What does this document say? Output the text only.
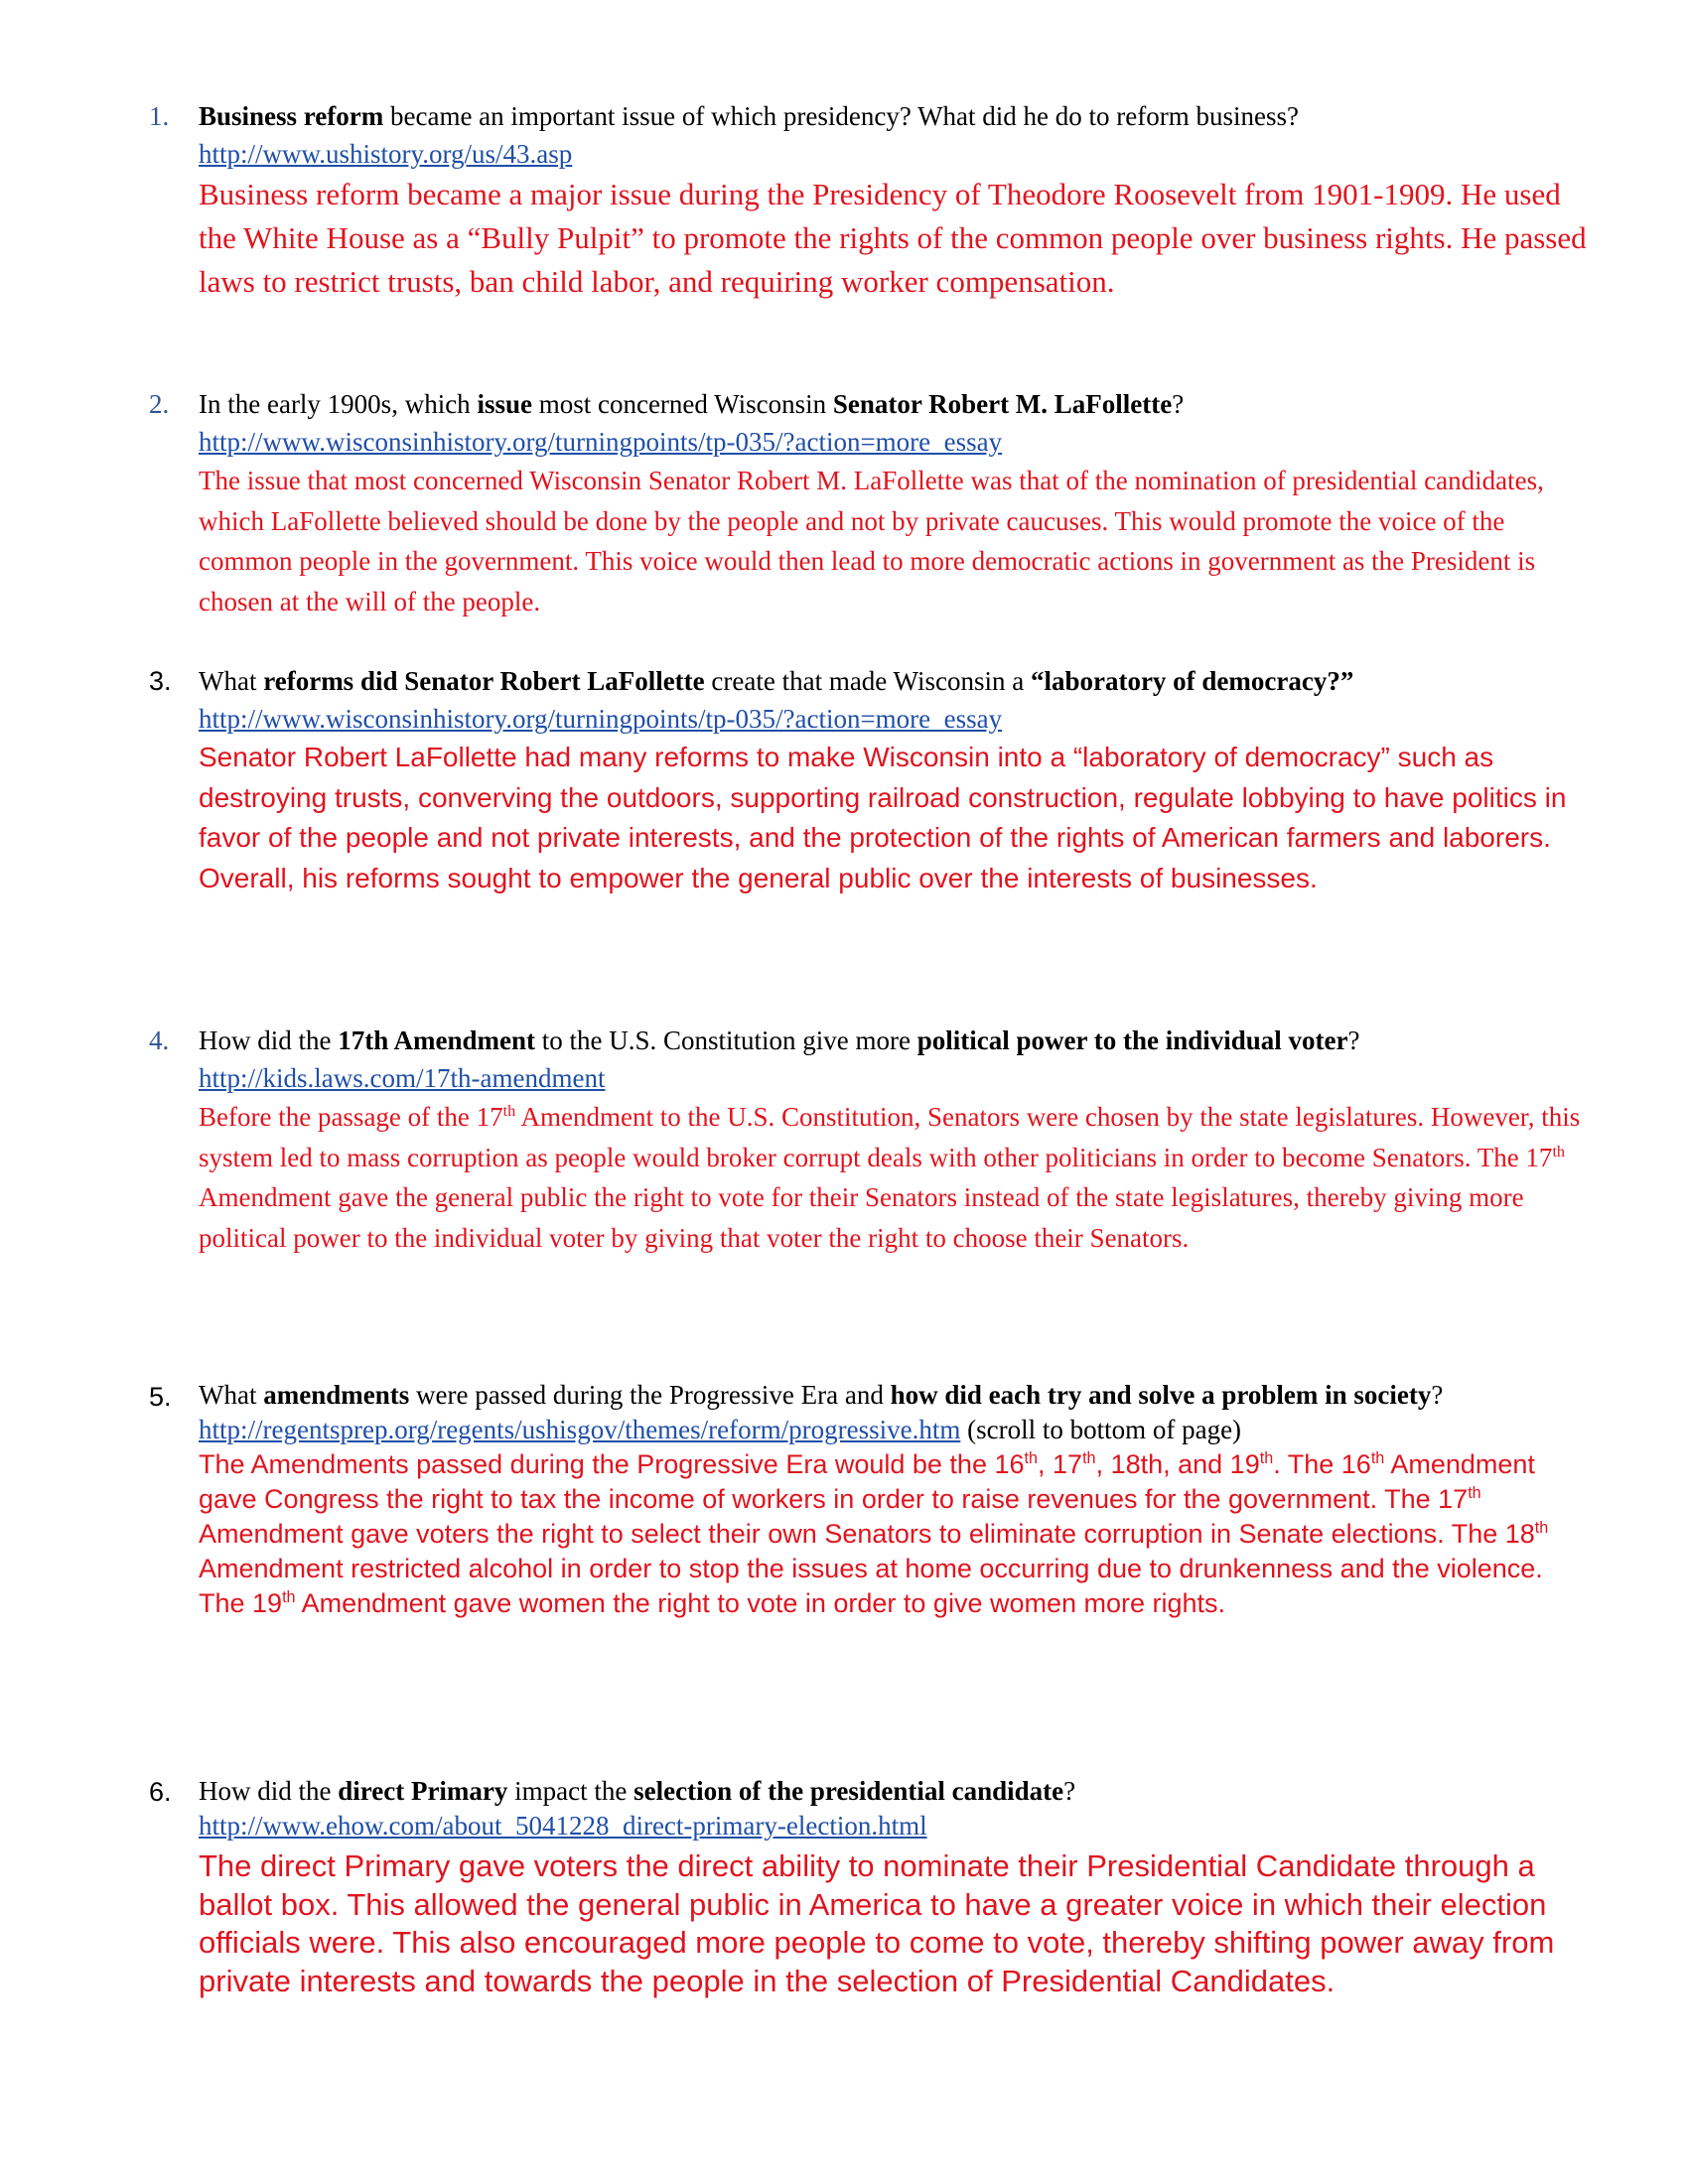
1.	Business reform became an important issue of which presidency? What did he do to reform business?
http://www.ushistory.org/us/43.asp
Business reform became a major issue during the Presidency of Theodore Roosevelt from 1901-1909. He used the White House as a “Bully Pulpit” to promote the rights of the common people over business rights. He passed laws to restrict trusts, ban child labor, and requiring worker compensation.
2.	In the early 1900s, which issue most concerned Wisconsin Senator Robert M. LaFollette?
http://www.wisconsinhistory.org/turningpoints/tp-035/?action=more_essay
The issue that most concerned Wisconsin Senator Robert M. LaFollette was that of the nomination of presidential candidates, which LaFollette believed should be done by the people and not by private caucuses. This would promote the voice of the common people in the government. This voice would then lead to more democratic actions in government as the President is chosen at the will of the people.
3.	What reforms did Senator Robert LaFollette create that made Wisconsin a “laboratory of democracy?”
http://www.wisconsinhistory.org/turningpoints/tp-035/?action=more_essay
Senator Robert LaFollette had many reforms to make Wisconsin into a “laboratory of democracy” such as destroying trusts, converving the outdoors, supporting railroad construction, regulate lobbying to have politics in favor of the people and not private interests, and the protection of the rights of American farmers and laborers. Overall, his reforms sought to empower the general public over the interests of businesses.
4.	How did the 17th Amendment to the U.S. Constitution give more political power to the individual voter?
http://kids.laws.com/17th-amendment
Before the passage of the 17th Amendment to the U.S. Constitution, Senators were chosen by the state legislatures. However, this system led to mass corruption as people would broker corrupt deals with other politicians in order to become Senators. The 17th Amendment gave the general public the right to vote for their Senators instead of the state legislatures, thereby giving more political power to the individual voter by giving that voter the right to choose their Senators.
5.	What amendments were passed during the Progressive Era and how did each try and solve a problem in society? http://regentsprep.org/regents/ushisgov/themes/reform/progressive.htm (scroll to bottom of page)
The Amendments passed during the Progressive Era would be the 16th, 17th, 18th, and 19th. The 16th Amendment gave Congress the right to tax the income of workers in order to raise revenues for the government. The 17th Amendment gave voters the right to select their own Senators to eliminate corruption in Senate elections. The 18th Amendment restricted alcohol in order to stop the issues at home occurring due to drunkenness and the violence. The 19th Amendment gave women the right to vote in order to give women more rights.
6.	How did the direct Primary impact the selection of the presidential candidate?
http://www.ehow.com/about_5041228_direct-primary-election.html
The direct Primary gave voters the direct ability to nominate their Presidential Candidate through a ballot box. This allowed the general public in America to have a greater voice in which their election officials were. This also encouraged more people to come to vote, thereby shifting power away from private interests and towards the people in the selection of Presidential Candidates.
